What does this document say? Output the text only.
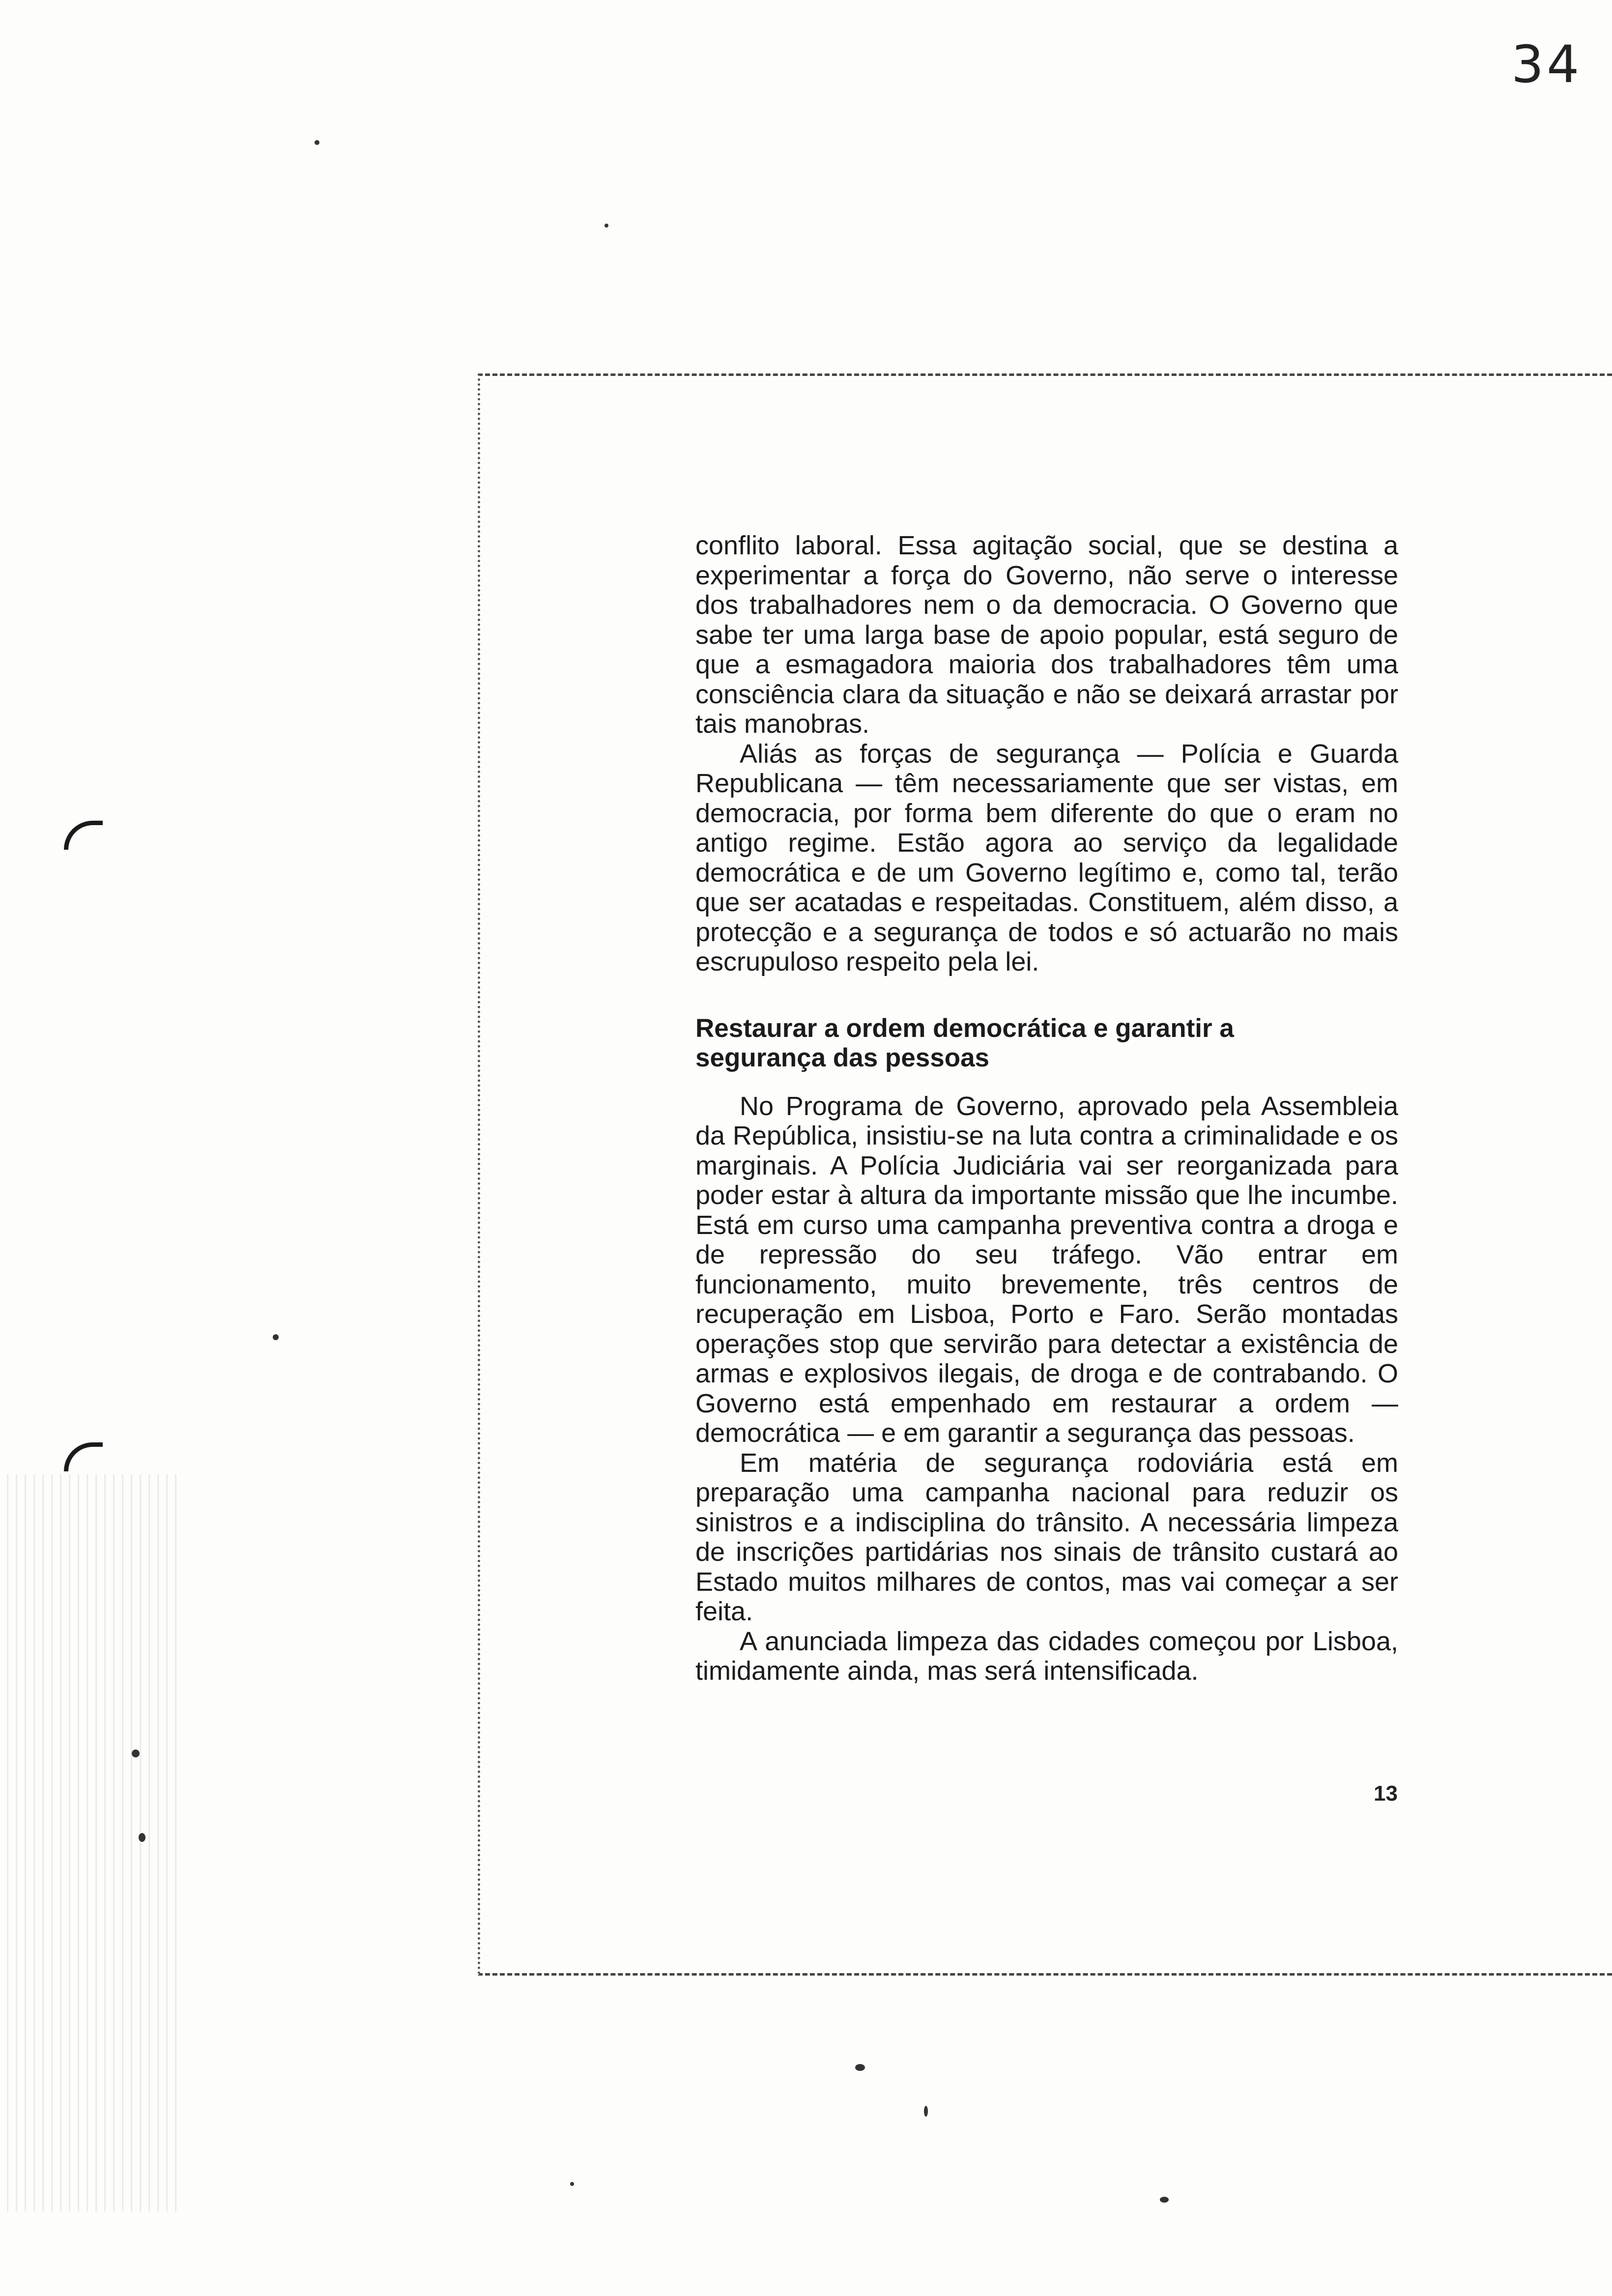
34

conflito laboral. Essa agitação social, que se destina a experimentar a força do Governo, não serve o interesse dos trabalhadores nem o da democracia. O Governo que sabe ter uma larga base de apoio popular, está seguro de que a esmagadora maioria dos trabalhadores têm uma consciência clara da situação e não se deixará arrastar por tais manobras.

Aliás as forças de segurança — Polícia e Guarda Republicana — têm necessariamente que ser vistas, em democracia, por forma bem diferente do que o eram no antigo regime. Estão agora ao serviço da legalidade democrática e de um Governo legítimo e, como tal, terão que ser acatadas e respeitadas. Constituem, além disso, a protecção e a segurança de todos e só actuarão no mais escrupuloso respeito pela lei.

Restaurar a ordem democrática e garantir a segurança das pessoas

No Programa de Governo, aprovado pela Assembleia da República, insistiu-se na luta contra a criminalidade e os marginais. A Polícia Judiciária vai ser reorganizada para poder estar à altura da importante missão que lhe incumbe. Está em curso uma campanha preventiva contra a droga e de repressão do seu tráfego. Vão entrar em funcionamento, muito brevemente, três centros de recuperação em Lisboa, Porto e Faro. Serão montadas operações stop que servirão para detectar a existência de armas e explosivos ilegais, de droga e de contrabando. O Governo está empenhado em restaurar a ordem — democrática — e em garantir a segurança das pessoas.

Em matéria de segurança rodoviária está em preparação uma campanha nacional para reduzir os sinistros e a indisciplina do trânsito. A necessária limpeza de inscrições partidárias nos sinais de trânsito custará ao Estado muitos milhares de contos, mas vai começar a ser feita.

A anunciada limpeza das cidades começou por Lisboa, timidamente ainda, mas será intensificada.

13
